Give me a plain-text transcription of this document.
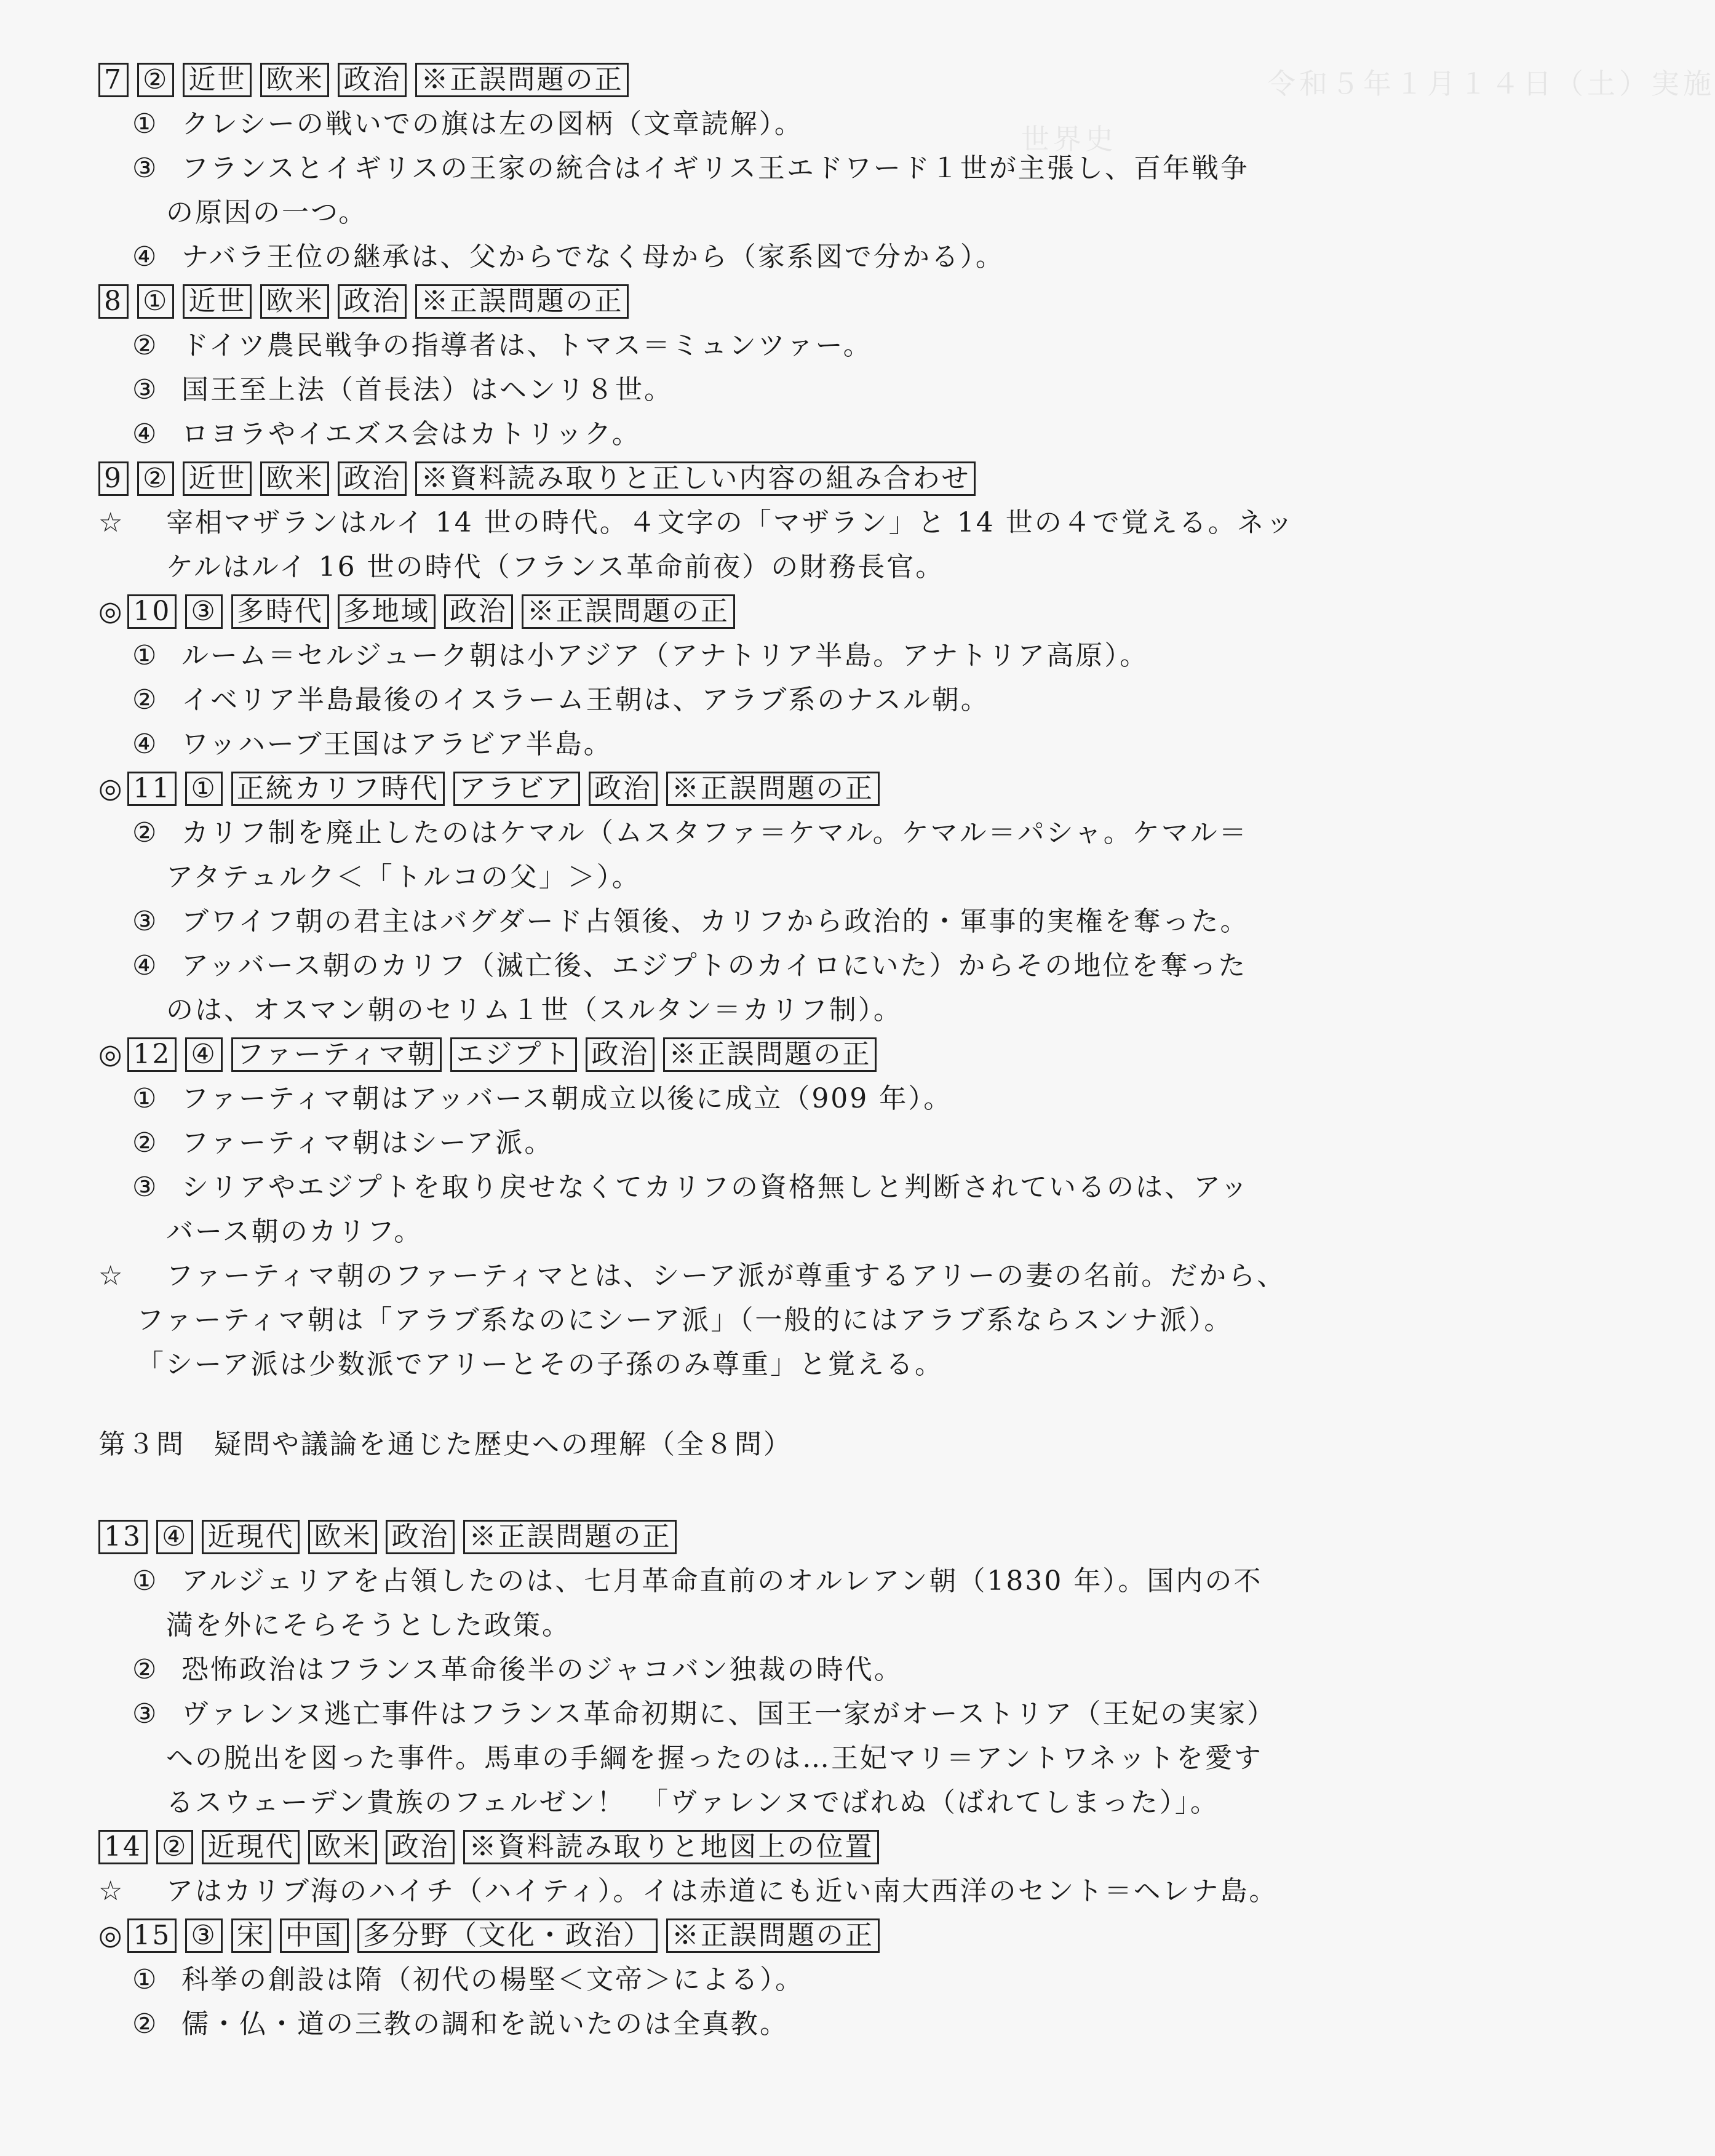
令和５年１月１４日（土）実施
世界史
7 ② 近世 欧米 政治 ※正誤問題の正
① クレシーの戦いでの旗は左の図柄（文章読解）。
③ フランスとイギリスの王家の統合はイギリス王エドワード１世が主張し、百年戦争
の原因の一つ。
④ ナバラ王位の継承は、父からでなく母から（家系図で分かる）。
8 ① 近世 欧米 政治 ※正誤問題の正
② ドイツ農民戦争の指導者は、トマス＝ミュンツァー。
③ 国王至上法（首長法）はヘンリ８世。
④ ロヨラやイエズス会はカトリック。
9 ② 近世 欧米 政治 ※資料読み取りと正しい内容の組み合わせ
☆ 宰相マザランはルイ 14 世の時代。４文字の「マザラン」と 14 世の４で覚える。ネッ
ケルはルイ 16 世の時代（フランス革命前夜）の財務長官。
◎ 10 ③ 多時代 多地域 政治 ※正誤問題の正
① ルーム＝セルジューク朝は小アジア（アナトリア半島。アナトリア高原）。
② イベリア半島最後のイスラーム王朝は、アラブ系のナスル朝。
④ ワッハーブ王国はアラビア半島。
◎ 11 ① 正統カリフ時代 アラビア 政治 ※正誤問題の正
② カリフ制を廃止したのはケマル（ムスタファ＝ケマル。ケマル＝パシャ。ケマル＝
アタテュルク＜「トルコの父」＞）。
③ ブワイフ朝の君主はバグダード占領後、カリフから政治的・軍事的実権を奪った。
④ アッバース朝のカリフ（滅亡後、エジプトのカイロにいた）からその地位を奪った
のは、オスマン朝のセリム１世（スルタン＝カリフ制）。
◎ 12 ④ ファーティマ朝 エジプト 政治 ※正誤問題の正
① ファーティマ朝はアッバース朝成立以後に成立（909 年）。
② ファーティマ朝はシーア派。
③ シリアやエジプトを取り戻せなくてカリフの資格無しと判断されているのは、アッ
バース朝のカリフ。
☆ ファーティマ朝のファーティマとは、シーア派が尊重するアリーの妻の名前。だから、
ファーティマ朝は「アラブ系なのにシーア派」（一般的にはアラブ系ならスンナ派）。
「シーア派は少数派でアリーとその子孫のみ尊重」と覚える。
第３問　疑問や議論を通じた歴史への理解（全８問）
13 ④ 近現代 欧米 政治 ※正誤問題の正
① アルジェリアを占領したのは、七月革命直前のオルレアン朝（1830 年）。国内の不
満を外にそらそうとした政策。
② 恐怖政治はフランス革命後半のジャコバン独裁の時代。
③ ヴァレンヌ逃亡事件はフランス革命初期に、国王一家がオーストリア（王妃の実家）
への脱出を図った事件。馬車の手綱を握ったのは…王妃マリ＝アントワネットを愛す
るスウェーデン貴族のフェルゼン！　「ヴァレンヌでばれぬ（ばれてしまった）」。
14 ② 近現代 欧米 政治 ※資料読み取りと地図上の位置
☆ アはカリブ海のハイチ（ハイティ）。イは赤道にも近い南大西洋のセント＝ヘレナ島。
◎ 15 ③ 宋 中国 多分野（文化・政治） ※正誤問題の正
① 科挙の創設は隋（初代の楊堅＜文帝＞による）。
② 儒・仏・道の三教の調和を説いたのは全真教。
